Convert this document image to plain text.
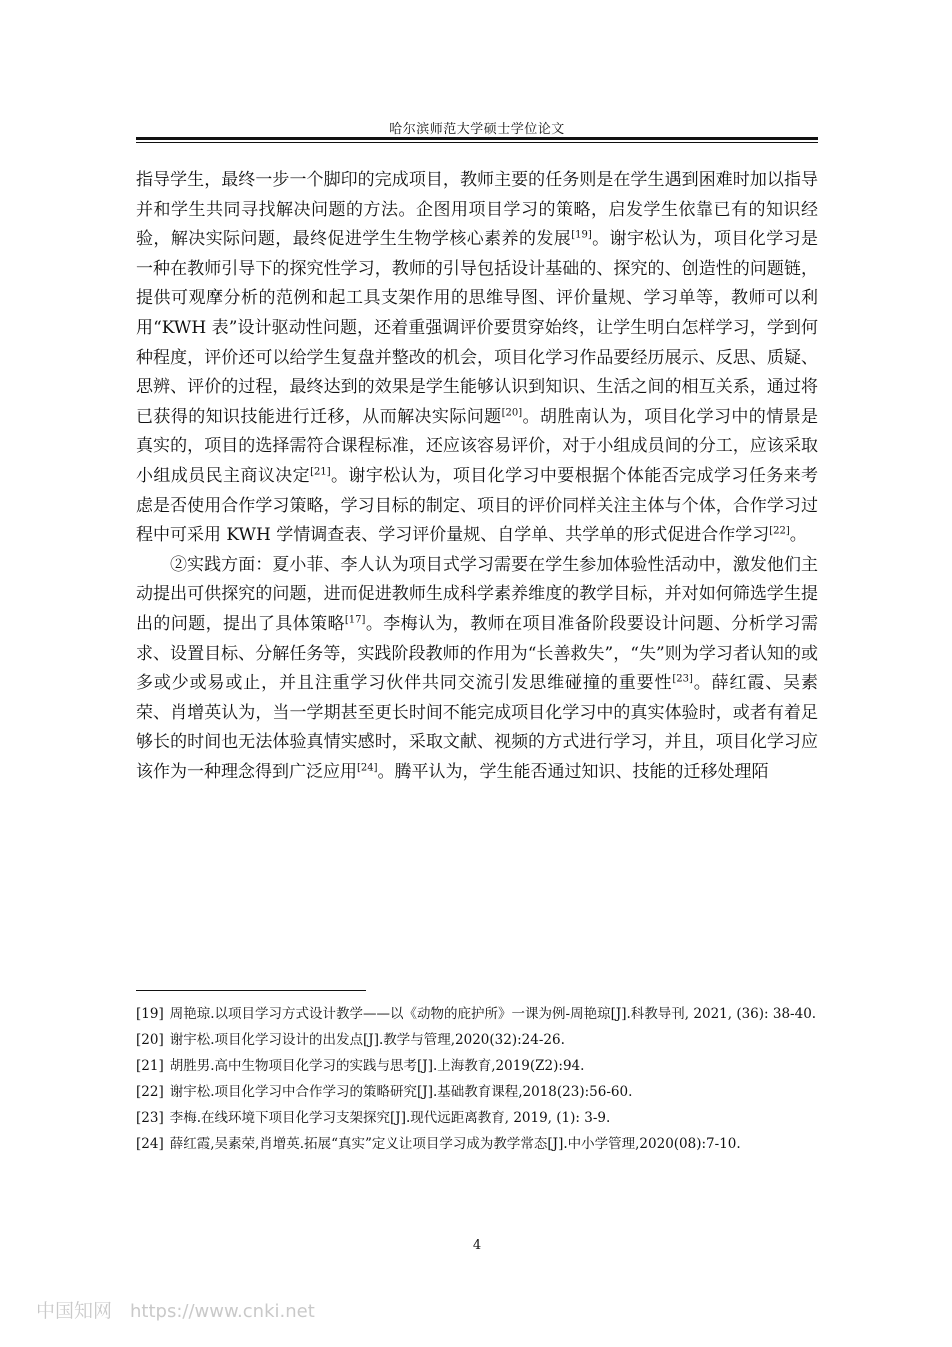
哈尔滨师范大学硕士学位论文

指导学生，最终一步一个脚印的完成项目，教师主要的任务则是在学生遇到困难时加以指导并和学生共同寻找解决问题的方法。企图用项目学习的策略，启发学生依靠已有的知识经验，解决实际问题，最终促进学生生物学核心素养的发展[19]。谢宇松认为，项目化学习是一种在教师引导下的探究性学习，教师的引导包括设计基础的、探究的、创造性的问题链，提供可观摩分析的范例和起工具支架作用的思维导图、评价量规、学习单等，教师可以利用“KWH 表”设计驱动性问题，还着重强调评价要贯穿始终，让学生明白怎样学习，学到何种程度，评价还可以给学生复盘并整改的机会，项目化学习作品要经历展示、反思、质疑、思辨、评价的过程，最终达到的效果是学生能够认识到知识、生活之间的相互关系，通过将已获得的知识技能进行迁移，从而解决实际问题[20]。胡胜南认为，项目化学习中的情景是真实的，项目的选择需符合课程标准，还应该容易评价，对于小组成员间的分工，应该采取小组成员民主商议决定[21]。谢宇松认为，项目化学习中要根据个体能否完成学习任务来考虑是否使用合作学习策略，学习目标的制定、项目的评价同样关注主体与个体，合作学习过程中可采用 KWH 学情调查表、学习评价量规、自学单、共学单的形式促进合作学习[22]。

②实践方面：夏小菲、李人认为项目式学习需要在学生参加体验性活动中，激发他们主动提出可供探究的问题，进而促进教师生成科学素养维度的教学目标，并对如何筛选学生提出的问题，提出了具体策略[17]。李梅认为，教师在项目准备阶段要设计问题、分析学习需求、设置目标、分解任务等，实践阶段教师的作用为“长善救失”，“失”则为学习者认知的或多或少或易或止，并且注重学习伙伴共同交流引发思维碰撞的重要性[23]。薛红霞、吴素荣、肖增英认为，当一学期甚至更长时间不能完成项目化学习中的真实体验时，或者有着足够长的时间也无法体验真情实感时，采取文献、视频的方式进行学习，并且，项目化学习应该作为一种理念得到广泛应用[24]。腾平认为，学生能否通过知识、技能的迁移处理陌

[19] 周艳琼.以项目学习方式设计教学——以《动物的庇护所》一课为例-周艳琼[J].科教导刊, 2021, (36): 38-40.

[20] 谢宇松.项目化学习设计的出发点[J].教学与管理,2020(32):24-26.

[21] 胡胜男.高中生物项目化学习的实践与思考[J].上海教育,2019(Z2):94.

[22] 谢宇松.项目化学习中合作学习的策略研究[J].基础教育课程,2018(23):56-60.

[23] 李梅.在线环境下项目化学习支架探究[J].现代远距离教育, 2019, (1): 3-9.

[24] 薛红霞,吴素荣,肖增英.拓展“真实”定义让项目学习成为教学常态[J].中小学管理,2020(08):7-10.

4
中国知网 https://www.cnki.net
